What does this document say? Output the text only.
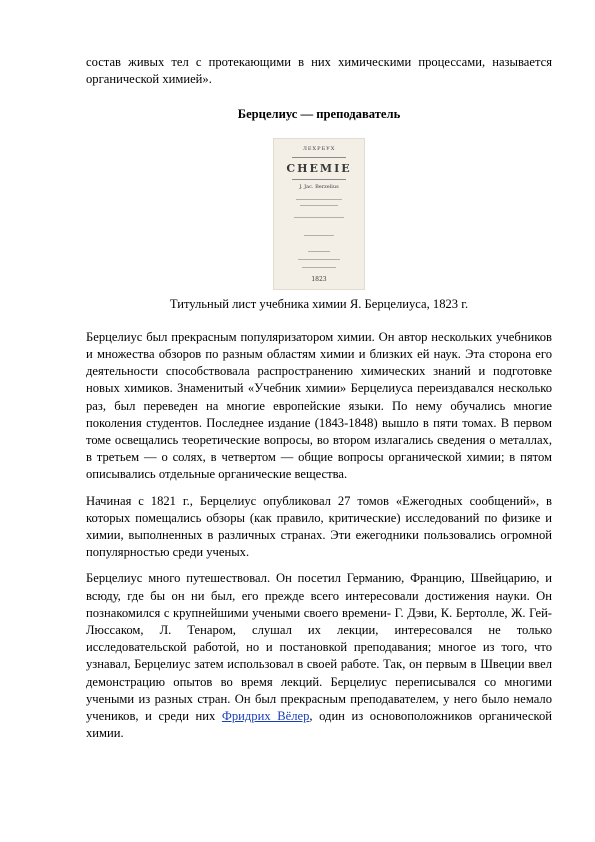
состав живых тел с протекающими в них химическими процессами, называется органической химией».

Берцелиус — преподаватель

ЛЕХРБУХ
CHEMIE
J. Jac. Berzelius
1823

Титульный лист учебника химии Я. Берцелиуса, 1823 г.

Берцелиус был прекрасным популяризатором химии. Он автор нескольких учебников и множества обзоров по разным областям химии и близких ей наук. Эта сторона его деятельности способствовала распространению химических знаний и подготовке новых химиков. Знаменитый «Учебник химии» Берцелиуса переиздавался несколько раз, был переведен на многие европейские языки. По нему обучались многие поколения студентов. Последнее издание (1843-1848) вышло в пяти томах. В первом томе освещались теоретические вопросы, во втором излагались сведения о металлах, в третьем — о солях, в четвертом — общие вопросы органической химии; в пятом описывались отдельные органические вещества.

Начиная с 1821 г., Берцелиус опубликовал 27 томов «Ежегодных сообщений», в которых помещались обзоры (как правило, критические) исследований по физике и химии, выполненных в различных странах. Эти ежегодники пользовались огромной популярностью среди ученых.

Берцелиус много путешествовал. Он посетил Германию, Францию, Швейцарию, и всюду, где бы он ни был, его прежде всего интересовали достижения науки. Он познакомился с крупнейшими учеными своего времени- Г. Дэви, К. Бертолле, Ж. Гей-Люссаком, Л. Тенаром, слушал их лекции, интересовался не только исследовательской работой, но и постановкой преподавания; многое из того, что узнавал, Берцелиус затем использовал в своей работе. Так, он первым в Швеции ввел демонстрацию опытов во время лекций. Берцелиус переписывался со многими учеными из разных стран. Он был прекрасным преподавателем, у него было немало учеников, и среди них Фридрих Вёлер, один из основоположников органической химии.
